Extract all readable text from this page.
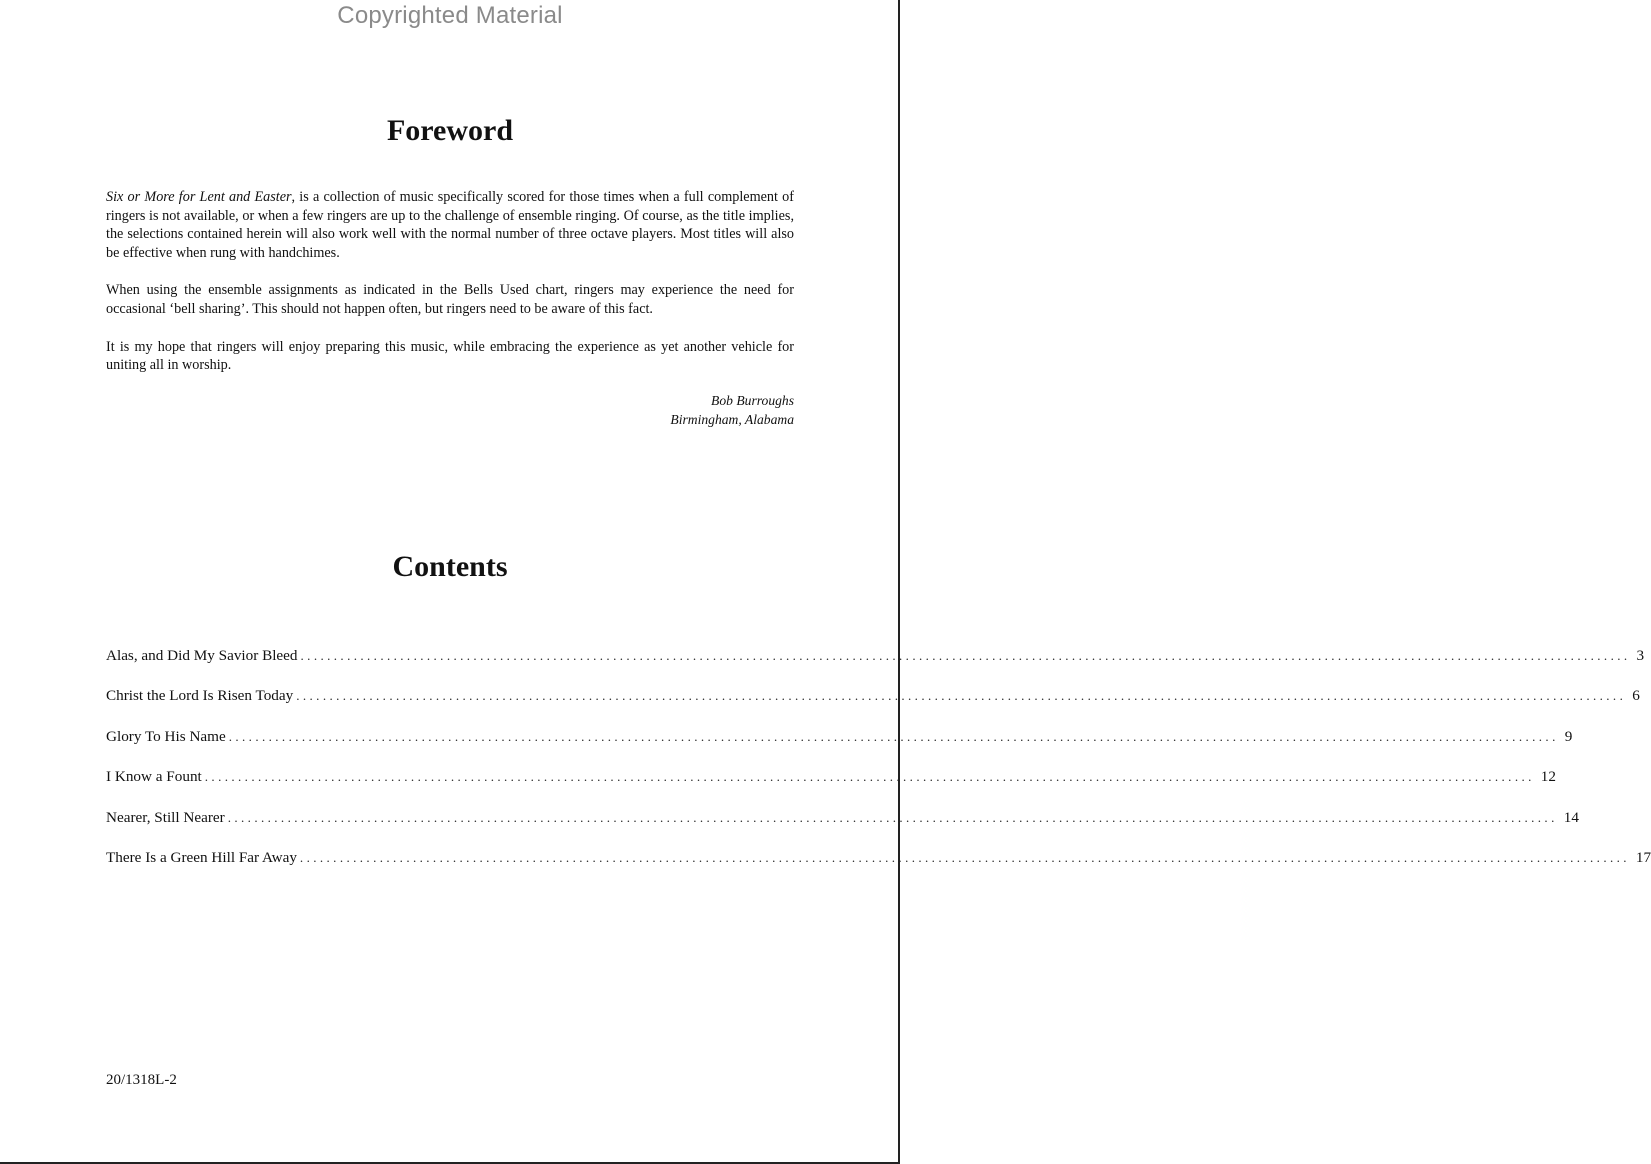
Copyrighted Material
Foreword

Six or More for Lent and Easter, is a collection of music specifically scored for those times when a full complement of ringers is not available, or when a few ringers are up to the challenge of ensemble ringing. Of course, as the title implies, the selections contained herein will also work well with the normal number of three octave players. Most titles will also be effective when rung with handchimes.

When using the ensemble assignments as indicated in the Bells Used chart, ringers may experience the need for occasional ‘bell sharing’. This should not happen often, but ringers need to be aware of this fact.

It is my hope that ringers will enjoy preparing this music, while embracing the experience as yet another vehicle for uniting all in worship.

Bob Burroughs
Birmingham, Alabama
Contents
Alas, and Did My Savior Bleed ........................................................................................................................................................................................................ 3
Christ the Lord Is Risen Today ........................................................................................................................................................................................................ 6
Glory To His Name ........................................................................................................................................................................................................ 9
I Know a Fount ........................................................................................................................................................................................................ 12
Nearer, Still Nearer ........................................................................................................................................................................................................ 14
There Is a Green Hill Far Away ........................................................................................................................................................................................................ 17
20/1318L-2
